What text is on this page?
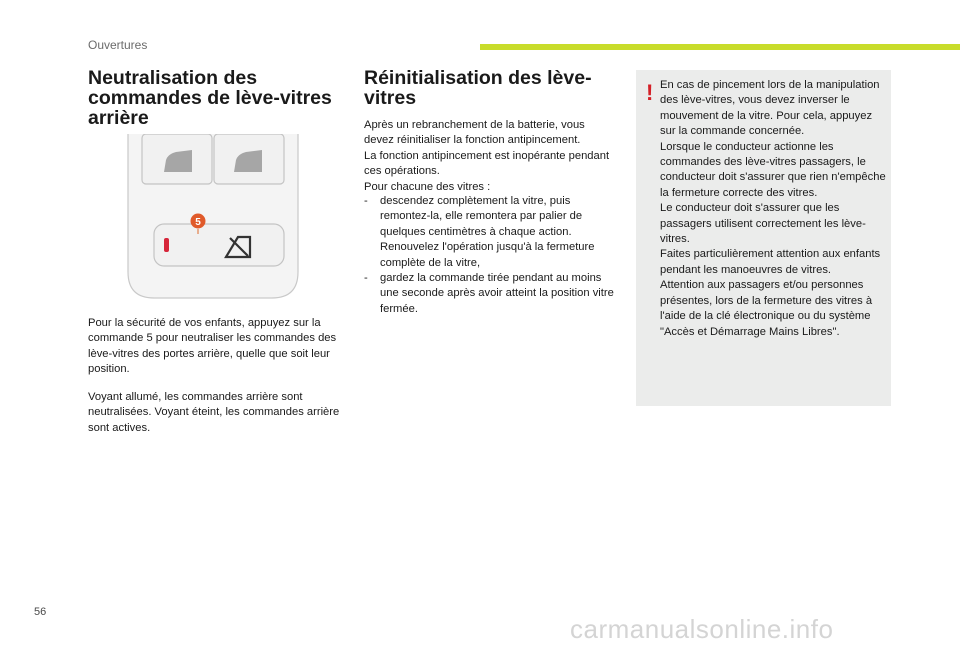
Ouvertures
Neutralisation des commandes de lève-vitres arrière
5

Pour la sécurité de vos enfants, appuyez sur la commande 5 pour neutraliser les commandes des lève-vitres des portes arrière, quelle que soit leur position.

Voyant allumé, les commandes arrière sont neutralisées. Voyant éteint, les commandes arrière sont actives.

Réinitialisation des lève-vitres

Après un rebranchement de la batterie, vous devez réinitialiser la fonction antipincement.
La fonction antipincement est inopérante pendant ces opérations.
Pour chacune des vitres :

- descendez complètement la vitre, puis remontez-la, elle remontera par palier de quelques centimètres à chaque action. Renouvelez l'opération jusqu'à la fermeture complète de la vitre,

- gardez la commande tirée pendant au moins une seconde après avoir atteint la position vitre fermée.

! En cas de pincement lors de la manipulation des lève-vitres, vous devez inverser le mouvement de la vitre. Pour cela, appuyez sur la commande concernée.
Lorsque le conducteur actionne les commandes des lève-vitres passagers, le conducteur doit s'assurer que rien n'empêche la fermeture correcte des vitres.
Le conducteur doit s'assurer que les passagers utilisent correctement les lève-vitres.
Faites particulièrement attention aux enfants pendant les manoeuvres de vitres.
Attention aux passagers et/ou personnes présentes, lors de la fermeture des vitres à l'aide de la clé électronique ou du système "Accès et Démarrage Mains Libres".
56
carmanualsonline.info
